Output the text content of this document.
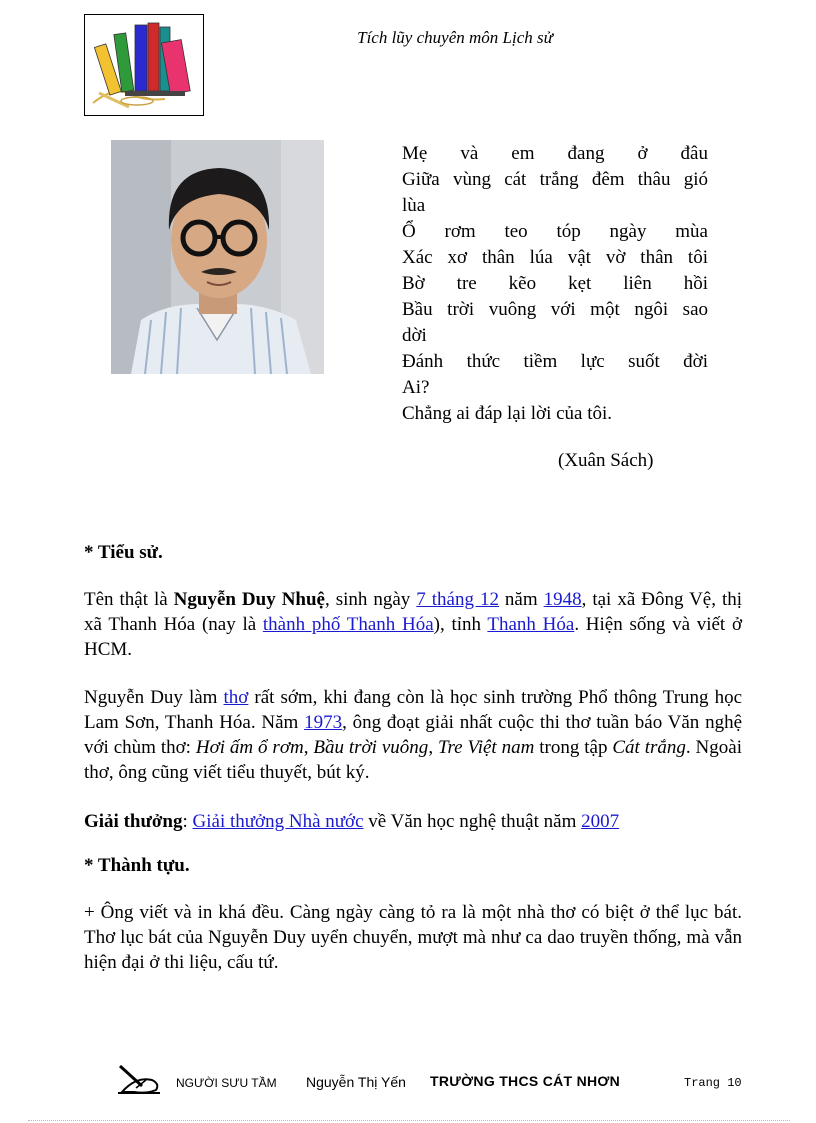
Tích lũy chuyên môn Lịch sử
Mẹ và em đang ở đâu
Giữa vùng cát trắng đêm thâu gió
lùa
Ổ rơm teo tóp ngày mùa
Xác xơ thân lúa vật vờ thân tôi
Bờ tre kẽo kẹt liên hồi
Bầu trời vuông với một ngôi sao
dời
Đánh thức tiềm lực suốt đời
Ai?
Chẳng ai đáp lại lời của tôi.
(Xuân Sách)
* Tiểu sử.
Tên thật là Nguyễn Duy Nhuệ, sinh ngày 7 tháng 12 năm 1948, tại xã Đông Vệ, thị xã Thanh Hóa (nay là thành phố Thanh Hóa), tỉnh Thanh Hóa. Hiện sống và viết ở HCM.
Nguyễn Duy làm thơ rất sớm, khi đang còn là học sinh trường Phổ thông Trung học Lam Sơn, Thanh Hóa. Năm 1973, ông đoạt giải nhất cuộc thi thơ tuần báo Văn nghệ với chùm thơ: Hơi ấm ổ rơm, Bầu trời vuông, Tre Việt nam trong tập Cát trắng. Ngoài thơ, ông cũng viết tiểu thuyết, bút ký.
Giải thưởng: Giải thưởng Nhà nước về Văn học nghệ thuật năm 2007
* Thành tựu.
+ Ông viết và in khá đều. Càng ngày càng tỏ ra là một nhà thơ có biệt ở thể lục bát. Thơ lục bát của Nguyễn Duy uyển chuyển, mượt mà như ca dao truyền thống, mà vẫn hiện đại ở thi liệu, cấu tứ.
NGƯỜI SƯU TẦM Nguyễn Thị Yến TRƯỜNG THCS CÁT NHƠN	Trang 10
